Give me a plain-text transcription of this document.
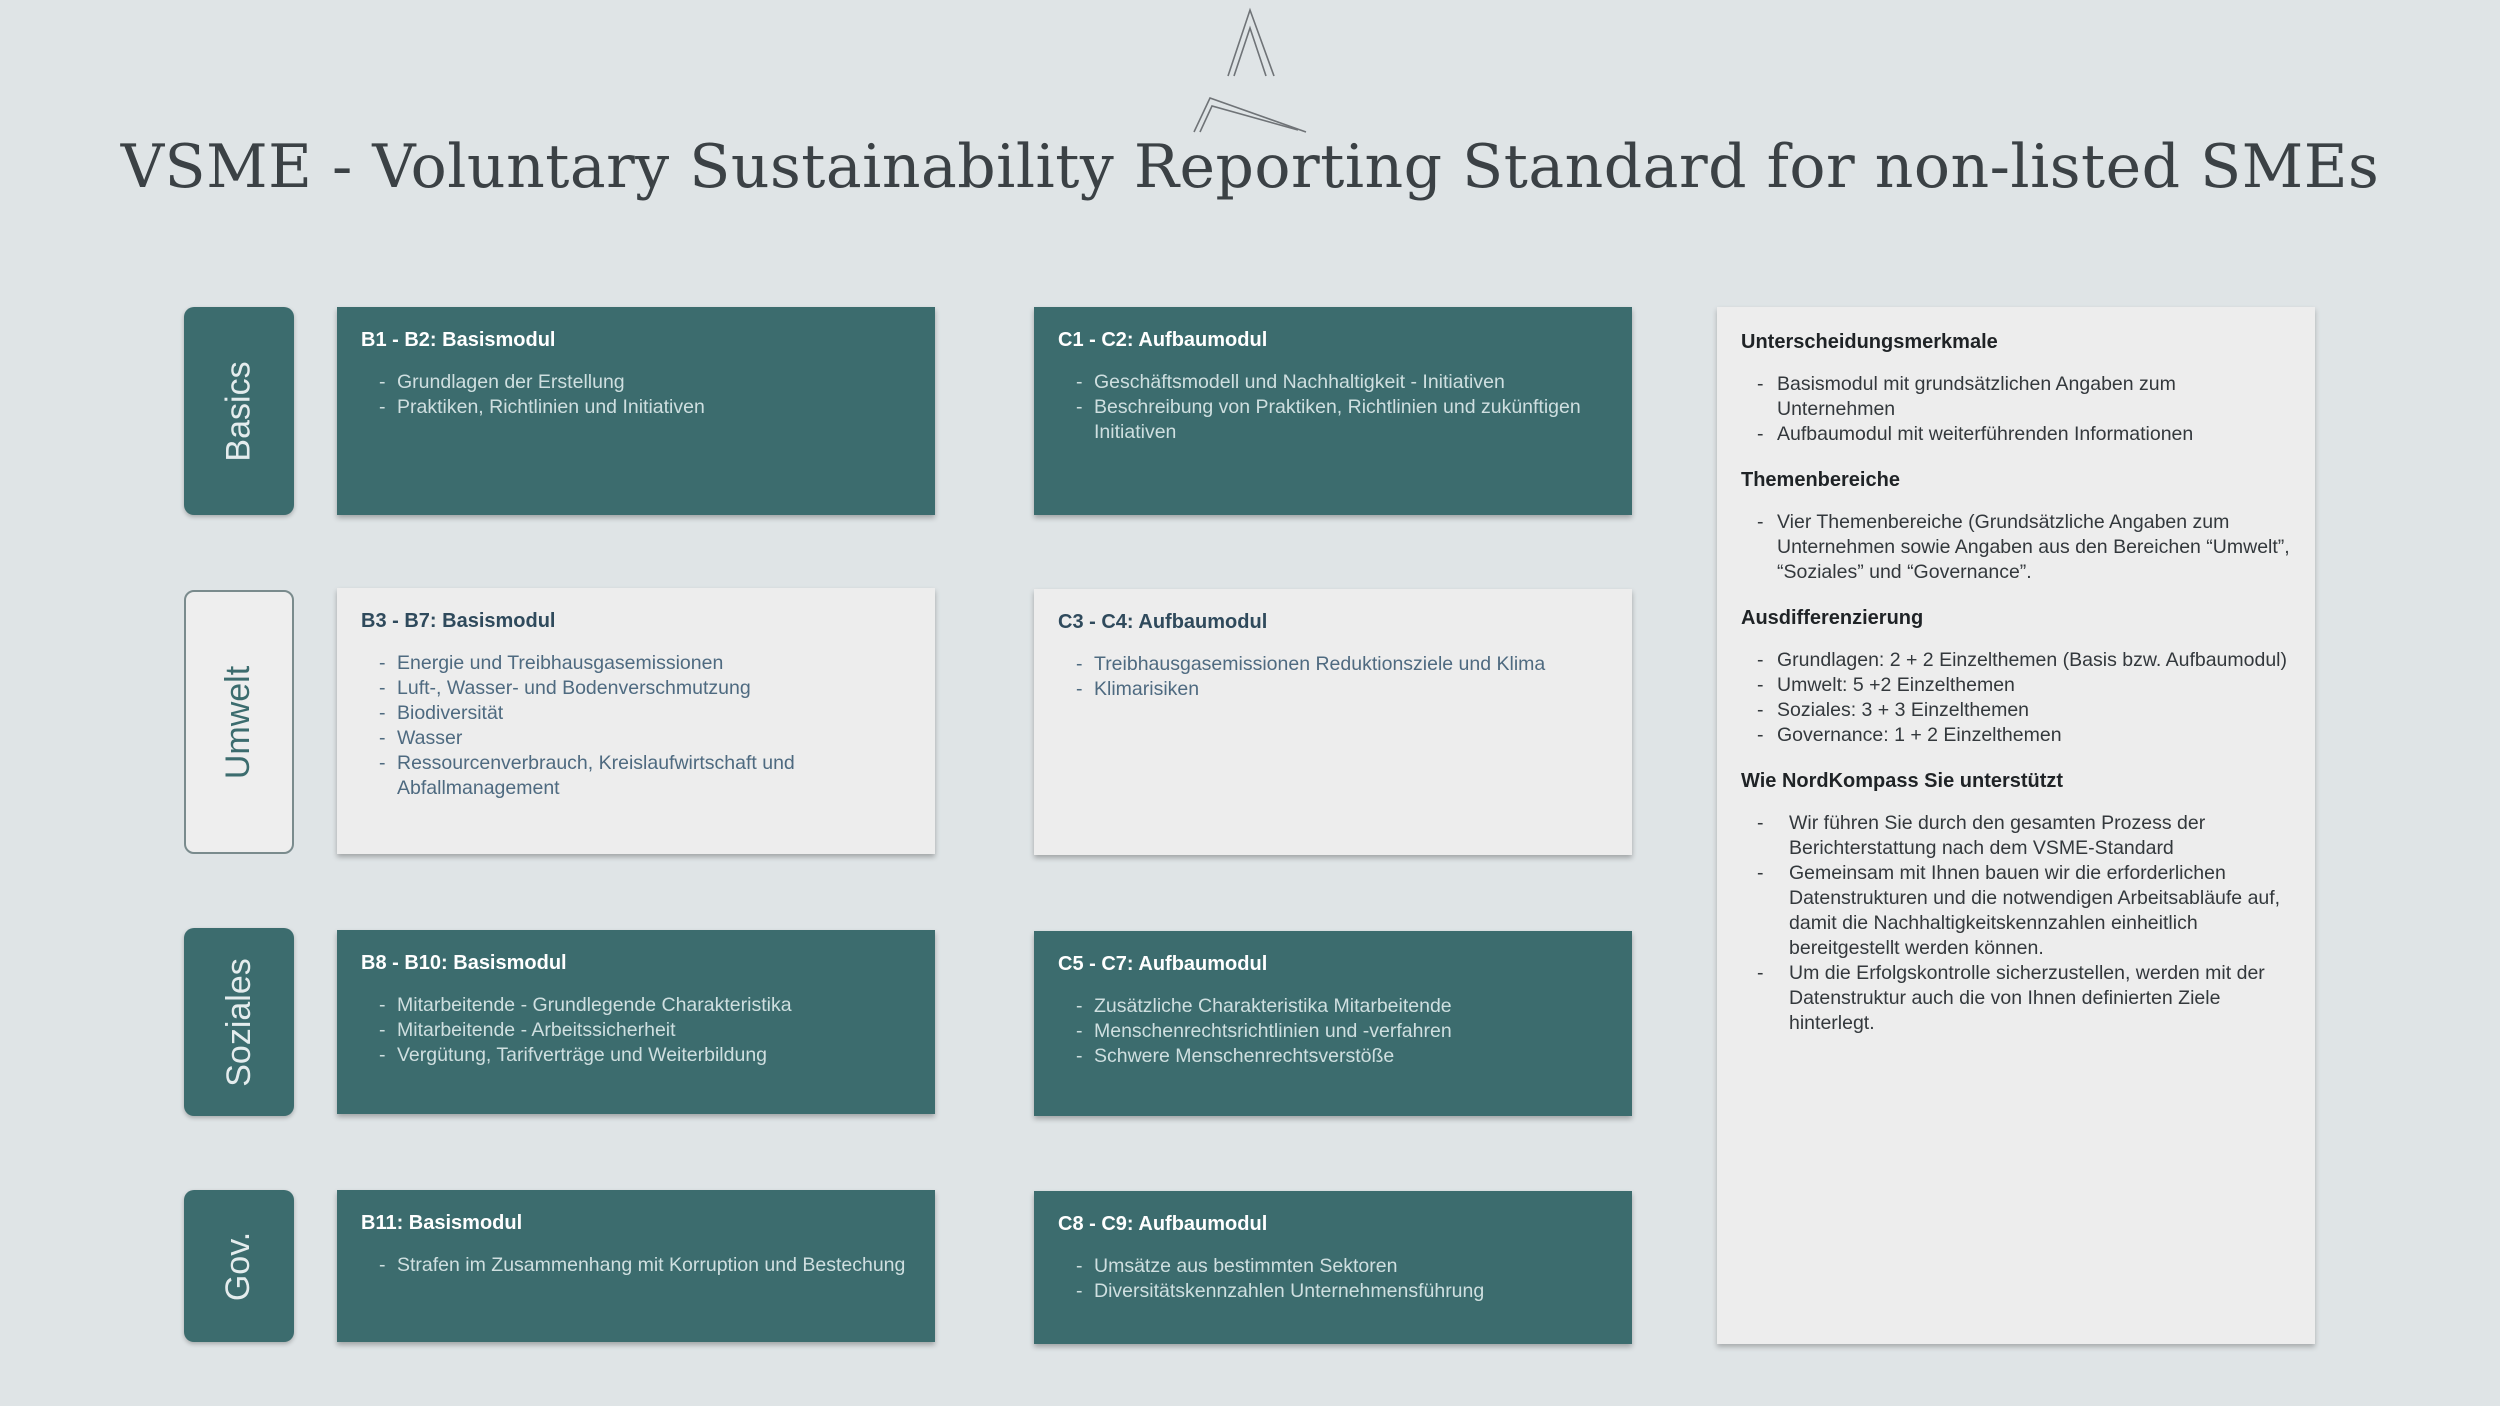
VSME - Voluntary Sustainability Reporting Standard for non-listed SMEs
Basics
Umwelt
Soziales
Gov.
B1 - B2: Basismodul
- Grundlagen der Erstellung
- Praktiken, Richtlinien und Initiativen
C1 - C2: Aufbaumodul
- Geschäftsmodell und Nachhaltigkeit - Initiativen
- Beschreibung von Praktiken, Richtlinien und zukünftigen Initiativen
B3 - B7: Basismodul
- Energie und Treibhausgasemissionen
- Luft-, Wasser- und Bodenverschmutzung
- Biodiversität
- Wasser
- Ressourcenverbrauch, Kreislaufwirtschaft und Abfallmanagement
C3 - C4: Aufbaumodul
- Treibhausgasemissionen Reduktionsziele und Klima
- Klimarisiken
B8 - B10: Basismodul
- Mitarbeitende - Grundlegende Charakteristika
- Mitarbeitende - Arbeitssicherheit
- Vergütung, Tarifverträge und Weiterbildung
C5 - C7: Aufbaumodul
- Zusätzliche Charakteristika Mitarbeitende
- Menschenrechtsrichtlinien und -verfahren
- Schwere Menschenrechtsverstöße
B11: Basismodul
- Strafen im Zusammenhang mit Korruption und Bestechung
C8 - C9: Aufbaumodul
- Umsätze aus bestimmten Sektoren
- Diversitätskennzahlen Unternehmensführung
Unterscheidungsmerkmale
- Basismodul mit grundsätzlichen Angaben zum Unternehmen
- Aufbaumodul mit weiterführenden Informationen
Themenbereiche
- Vier Themenbereiche (Grundsätzliche Angaben zum Unternehmen sowie Angaben aus den Bereichen “Umwelt”, “Soziales” und “Governance”.
Ausdifferenzierung
- Grundlagen: 2 + 2 Einzelthemen (Basis bzw. Aufbaumodul)
- Umwelt: 5 +2 Einzelthemen
- Soziales: 3 + 3 Einzelthemen
- Governance: 1 + 2 Einzelthemen
Wie NordKompass Sie unterstützt
- Wir führen Sie durch den gesamten Prozess der Berichterstattung nach dem VSME-Standard
- Gemeinsam mit Ihnen bauen wir die erforderlichen Datenstrukturen und die notwendigen Arbeitsabläufe auf, damit die Nachhaltigkeitskennzahlen einheitlich bereitgestellt werden können.
- Um die Erfolgskontrolle sicherzustellen, werden mit der Datenstruktur auch die von Ihnen definierten Ziele hinterlegt.
